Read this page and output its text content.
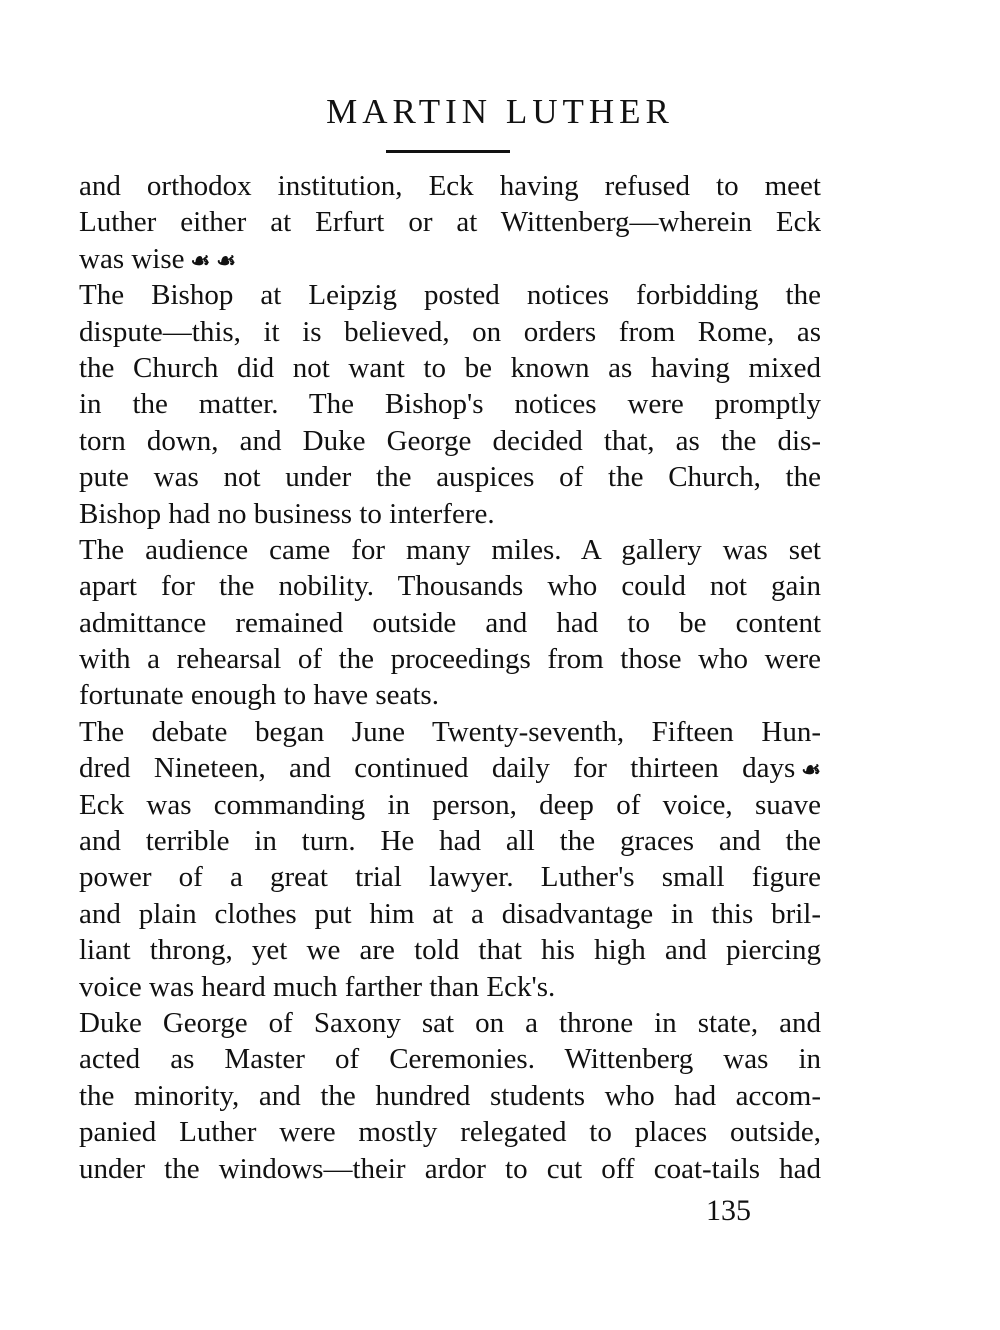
MARTIN LUTHER
and orthodox institution, Eck having refused to meet
Luther either at Erfurt or at Wittenberg—wherein Eck
was wise ☙ ☙
The Bishop at Leipzig posted notices forbidding the
dispute—this, it is believed, on orders from Rome, as
the Church did not want to be known as having mixed
in the matter. The Bishop's notices were promptly
torn down, and Duke George decided that, as the dis-
pute was not under the auspices of the Church, the
Bishop had no business to interfere.
The audience came for many miles. A gallery was set
apart for the nobility. Thousands who could not gain
admittance remained outside and had to be content
with a rehearsal of the proceedings from those who were
fortunate enough to have seats.
The debate began June Twenty-seventh, Fifteen Hun-
dred Nineteen, and continued daily for thirteen days ☙
Eck was commanding in person, deep of voice, suave
and terrible in turn. He had all the graces and the
power of a great trial lawyer. Luther's small figure
and plain clothes put him at a disadvantage in this bril-
liant throng, yet we are told that his high and piercing
voice was heard much farther than Eck's.
Duke George of Saxony sat on a throne in state, and
acted as Master of Ceremonies. Wittenberg was in
the minority, and the hundred students who had accom-
panied Luther were mostly relegated to places outside,
under the windows—their ardor to cut off coat-tails had
135
